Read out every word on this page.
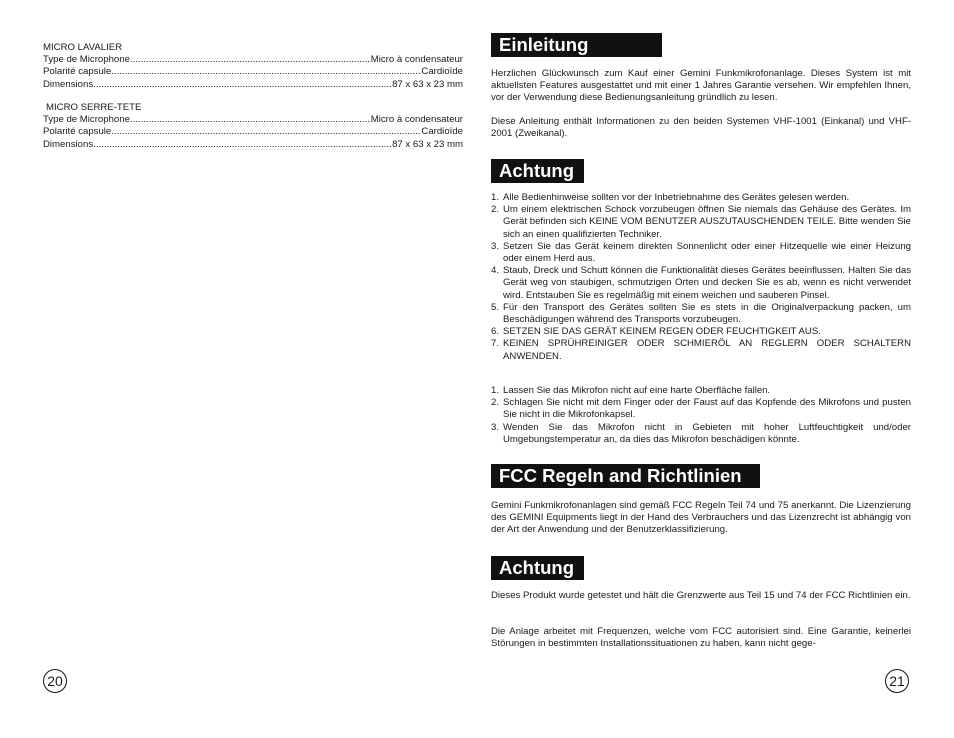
MICRO LAVALIER
Type de Microphone .....	Micro à condensateur
Polarité capsule .....	Cardioïde
Dimensions .....	87 x 63 x 23 mm
MICRO SERRE-TETE
Type de Microphone .....	Micro à condensateur
Polarité capsule .....	Cardioïde
Dimensions .....	87 x 63 x 23 mm
20
Einleitung

Herzlichen Glückwunsch zum Kauf einer Gemini Funkmikrofonanlage. Dieses System ist mit aktuellsten Features ausgestattet und mit einer 1 Jahres Garantie versehen. Wir empfehlen Ihnen, vor der Verwendung diese Bedienungsanleitung gründlich zu lesen.

Diese Anleitung enthält Informationen zu den beiden Systemen VHF-1001 (Einkanal) und VHF-2001 (Zweikanal).

Achtung
1. Alle Bedienhinweise sollten vor der Inbetriebnahme des Gerätes gelesen werden.
2. Um einem elektrischen Schock vorzubeugen öffnen Sie niemals das Gehäuse des Gerätes. Im Gerät befinden sich KEINE VOM BENUTZER AUSZUTAUSCHENDEN TEILE. Bitte wenden Sie sich an einen qualifizierten Techniker.
3. Setzen Sie das Gerät keinem direkten Sonnenlicht oder einer Hitzequelle wie einer Heizung oder einem Herd aus.
4. Staub, Dreck und Schutt können die Funktionalität dieses Gerätes beeinflussen. Halten Sie das Gerät weg von staubigen, schmutzigen Orten und decken Sie es ab, wenn es nicht verwendet wird. Entstauben Sie es regelmäßig mit einem weichen und sauberen Pinsel.
5. Für den Transport des Gerätes sollten Sie es stets in die Originalverpackung packen, um Beschädigungen während des Transports vorzubeugen.
6. SETZEN SIE DAS GERÄT KEINEM REGEN ODER FEUCHTIGKEIT AUS.
7. KEINEN SPRÜHREINIGER ODER SCHMIERÖL AN REGLERN ODER SCHALTERN ANWENDEN.
1. Lassen Sie das Mikrofon nicht auf eine harte Oberfläche fallen.
2. Schlagen Sie nicht mit dem Finger oder der Faust auf das Kopfende des Mikrofons und pusten Sie nicht in die Mikrofonkapsel.
3. Wenden Sie das Mikrofon nicht in Gebieten mit hoher Luftfeuchtigkeit und/oder Umgebungstemperatur an, da dies das Mikrofon beschädigen könnte.
FCC Regeln and Richtlinien

Gemini Funkmikrofonanlagen sind gemäß FCC Regeln Teil 74 und 75 anerkannt. Die Lizenzierung des GEMINI Equipments liegt in der Hand des Verbrauchers und das Lizenzrecht ist abhängig von der Art der Anwendung und der Benutzerklassifizierung.

Achtung

Dieses Produkt wurde getestet und hält die Grenzwerte aus Teil 15 und 74 der FCC Richtlinien ein.

Die Anlage arbeitet mit Frequenzen, welche vom FCC autorisiert sind. Eine Garantie, keinerlei Störungen in bestimmten Installationssituationen zu haben, kann nicht gege-

21
